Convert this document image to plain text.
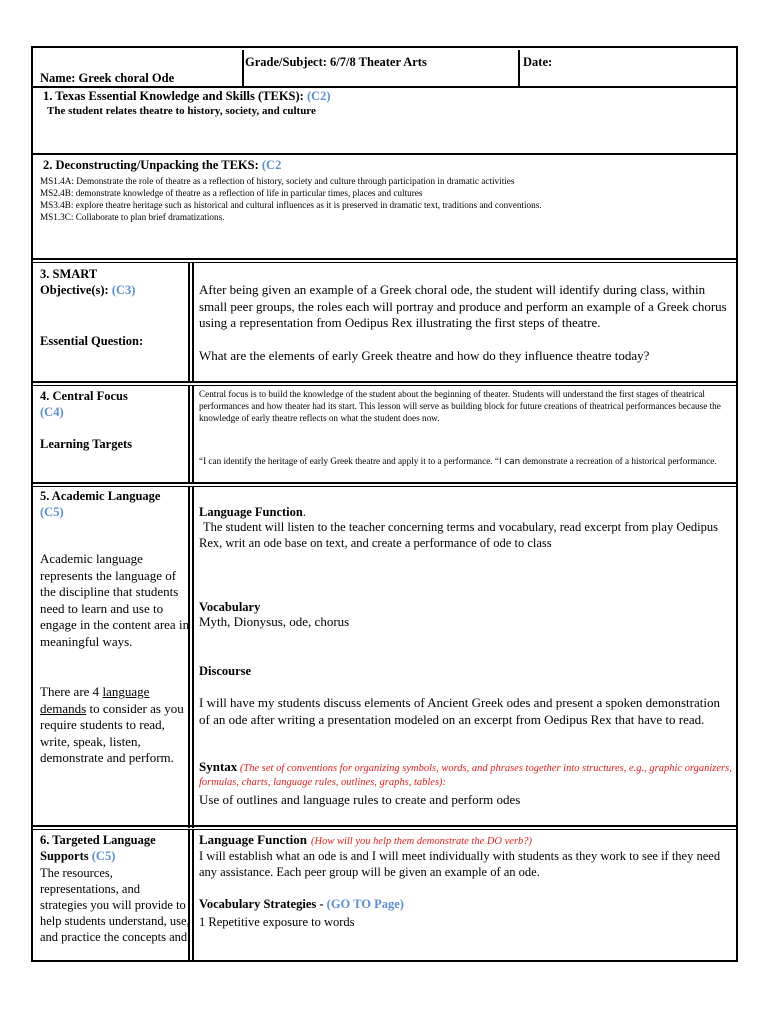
Grade/Subject: 6/7/8 Theater Arts	Date:
Name: Greek choral Ode
1. Texas Essential Knowledge and Skills (TEKS): (C2)
The student relates theatre to history, society, and culture
2. Deconstructing/Unpacking the TEKS: (C2

MS1.4A: Demonstrate the role of theatre as a reflection of history, society and culture through participation in dramatic activities

MS2.4B: demonstrate knowledge of theatre as a reflection of life in particular times, places and cultures

MS3.4B: explore theatre heritage such as historical and cultural influences as it is preserved in dramatic text, traditions and conventions.

MS1.3C: Collaborate to plan brief dramatizations.

3. SMART
Objective(s): (C3)
Essential Question:
After being given an example of a Greek choral ode, the student will identify during class, within small peer groups, the roles each will portray and produce and perform an example of a Greek chorus using a representation from Oedipus Rex illustrating the first steps of theatre.
What are the elements of early Greek theatre and how do they influence theatre today?
4. Central Focus
(C4)
Learning Targets
Central focus is to build the knowledge of the student about the beginning of theater. Students will understand the first stages of theatrical performances and how theater had its start. This lesson will serve as building block for future creations of theatrical performances because the knowledge of early theatre reflects on what the student does now.
“I can identify the heritage of early Greek theatre and apply it to a performance. “I can demonstrate a recreation of a historical performance.
5. Academic Language
(C5)
Academic language represents the language of the discipline that students need to learn and use to engage in the content area in meaningful ways.
There are 4 language demands to consider as you require students to read, write, speak, listen, demonstrate and perform.
Language Function.
The student will listen to the teacher concerning terms and vocabulary, read excerpt from play Oedipus Rex, writ an ode base on text, and create a performance of ode to class
Vocabulary
Myth, Dionysus, ode, chorus
Discourse
I will have my students discuss elements of Ancient Greek odes and present a spoken demonstration of an ode after writing a presentation modeled on an excerpt from Oedipus Rex that have to read.
Syntax (The set of conventions for organizing symbols, words, and phrases together into structures, e.g., graphic organizers, formulas, charts, language rules, outlines, graphs, tables):
Use of outlines and language rules to create and perform odes
6. Targeted Language Supports (C5)
The resources, representations, and strategies you will provide to help students understand, use, and practice the concepts and
Language Function (How will you help them demonstrate the DO verb?)
I will establish what an ode is and I will meet individually with students as they work to see if they need any assistance. Each peer group will be given an example of an ode.
Vocabulary Strategies - (GO TO Page)
1 Repetitive exposure to words
